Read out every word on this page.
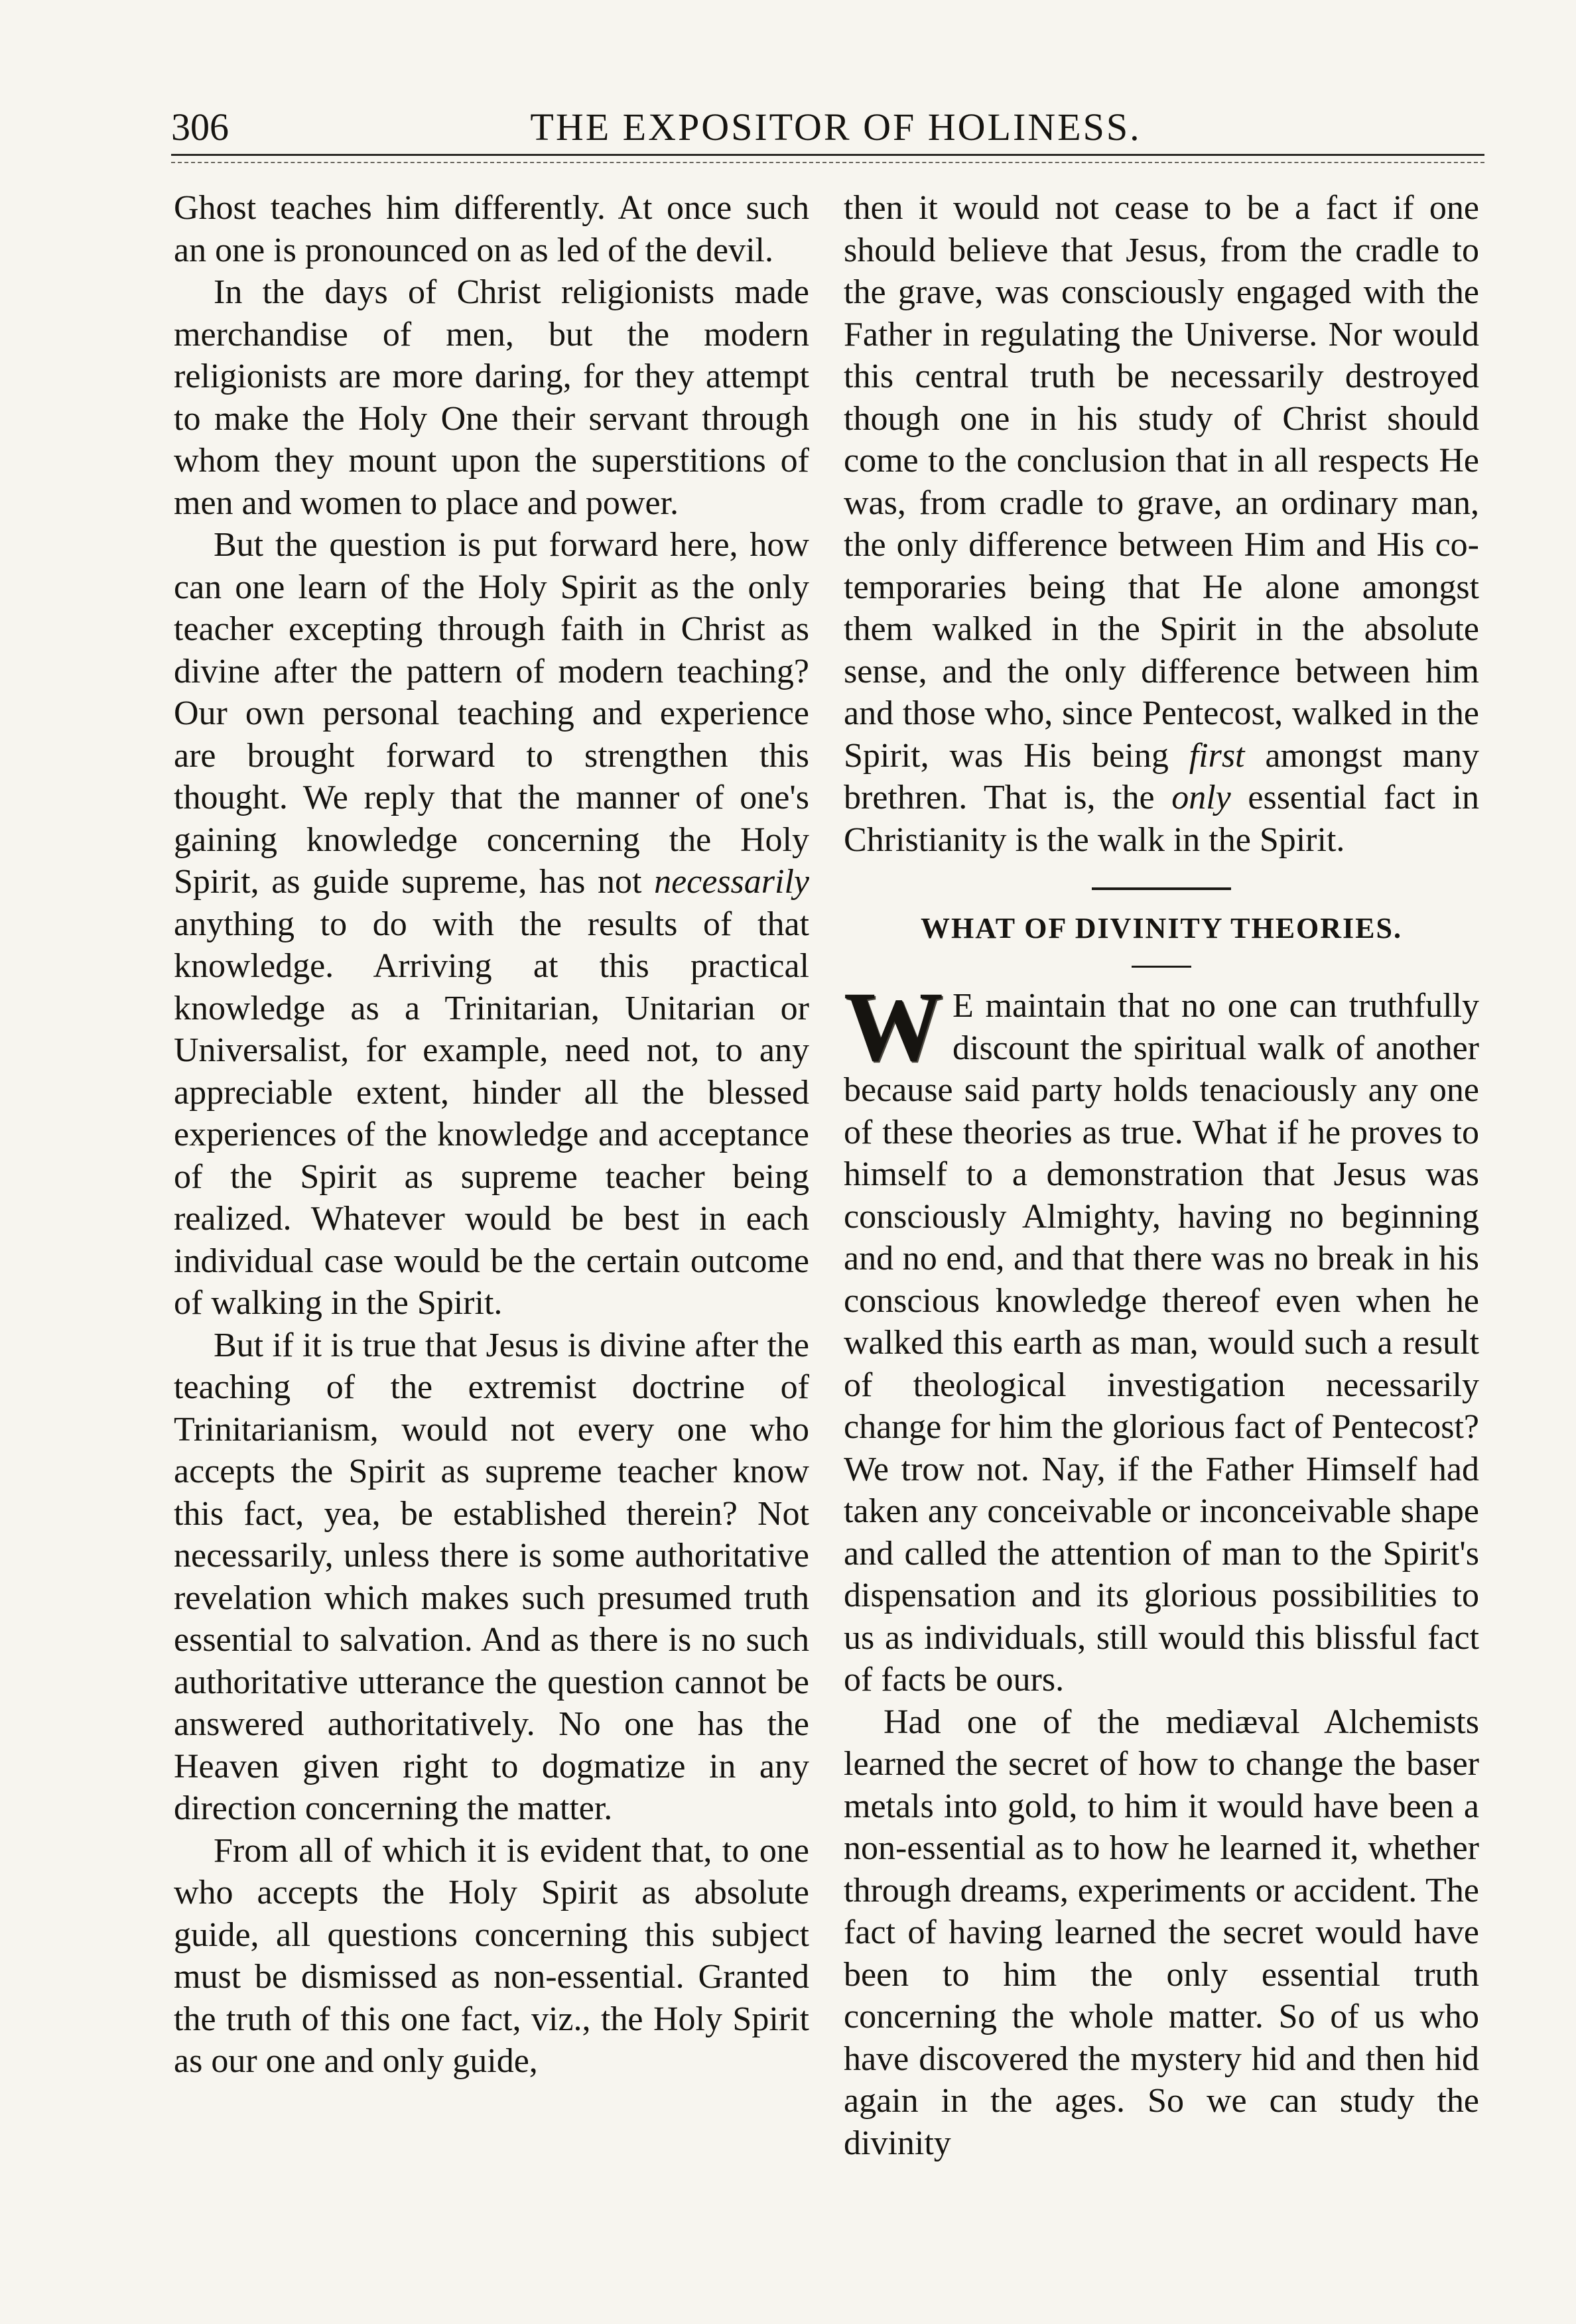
306	THE EXPOSITOR OF HOLINESS.

Ghost teaches him differently. At once such an one is pronounced on as led of the devil.

In the days of Christ religionists made merchandise of men, but the modern religionists are more daring, for they attempt to make the Holy One their servant through whom they mount upon the superstitions of men and women to place and power.

But the question is put forward here, how can one learn of the Holy Spirit as the only teacher excepting through faith in Christ as divine after the pattern of modern teaching? Our own personal teaching and experience are brought forward to strengthen this thought. We reply that the manner of one's gaining knowledge concerning the Holy Spirit, as guide supreme, has not necessarily anything to do with the results of that knowledge. Arriving at this practical knowledge as a Trinitarian, Unitarian or Universalist, for example, need not, to any appreciable extent, hinder all the blessed experiences of the knowledge and acceptance of the Spirit as supreme teacher being realized. Whatever would be best in each individual case would be the certain outcome of walking in the Spirit.

But if it is true that Jesus is divine after the teaching of the extremist doctrine of Trinitarianism, would not every one who accepts the Spirit as supreme teacher know this fact, yea, be established therein? Not necessarily, unless there is some authoritative revelation which makes such presumed truth essential to salvation. And as there is no such authoritative utterance the question cannot be answered authoritatively. No one has the Heaven given right to dogmatize in any direction concerning the matter.

From all of which it is evident that, to one who accepts the Holy Spirit as absolute guide, all questions concerning this subject must be dismissed as non-essential. Granted the truth of this one fact, viz., the Holy Spirit as our one and only guide,

then it would not cease to be a fact if one should believe that Jesus, from the cradle to the grave, was consciously engaged with the Father in regulating the Universe. Nor would this central truth be necessarily destroyed though one in his study of Christ should come to the conclusion that in all respects He was, from cradle to grave, an ordinary man, the only difference between Him and His co-temporaries being that He alone amongst them walked in the Spirit in the absolute sense, and the only difference between him and those who, since Pentecost, walked in the Spirit, was His being first amongst many brethren. That is, the only essential fact in Christianity is the walk in the Spirit.

WHAT OF DIVINITY THEORIES.

W E maintain that no one can truthfully discount the spiritual walk of another because said party holds tenaciously any one of these theories as true. What if he proves to himself to a demonstration that Jesus was consciously Almighty, having no beginning and no end, and that there was no break in his conscious knowledge thereof even when he walked this earth as man, would such a result of theological investigation necessarily change for him the glorious fact of Pentecost? We trow not. Nay, if the Father Himself had taken any conceivable or inconceivable shape and called the attention of man to the Spirit's dispensation and its glorious possibilities to us as individuals, still would this blissful fact of facts be ours.

Had one of the mediæval Alchemists learned the secret of how to change the baser metals into gold, to him it would have been a non-essential as to how he learned it, whether through dreams, experiments or accident. The fact of having learned the secret would have been to him the only essential truth concerning the whole matter. So of us who have discovered the mystery hid and then hid again in the ages. So we can study the divinity
